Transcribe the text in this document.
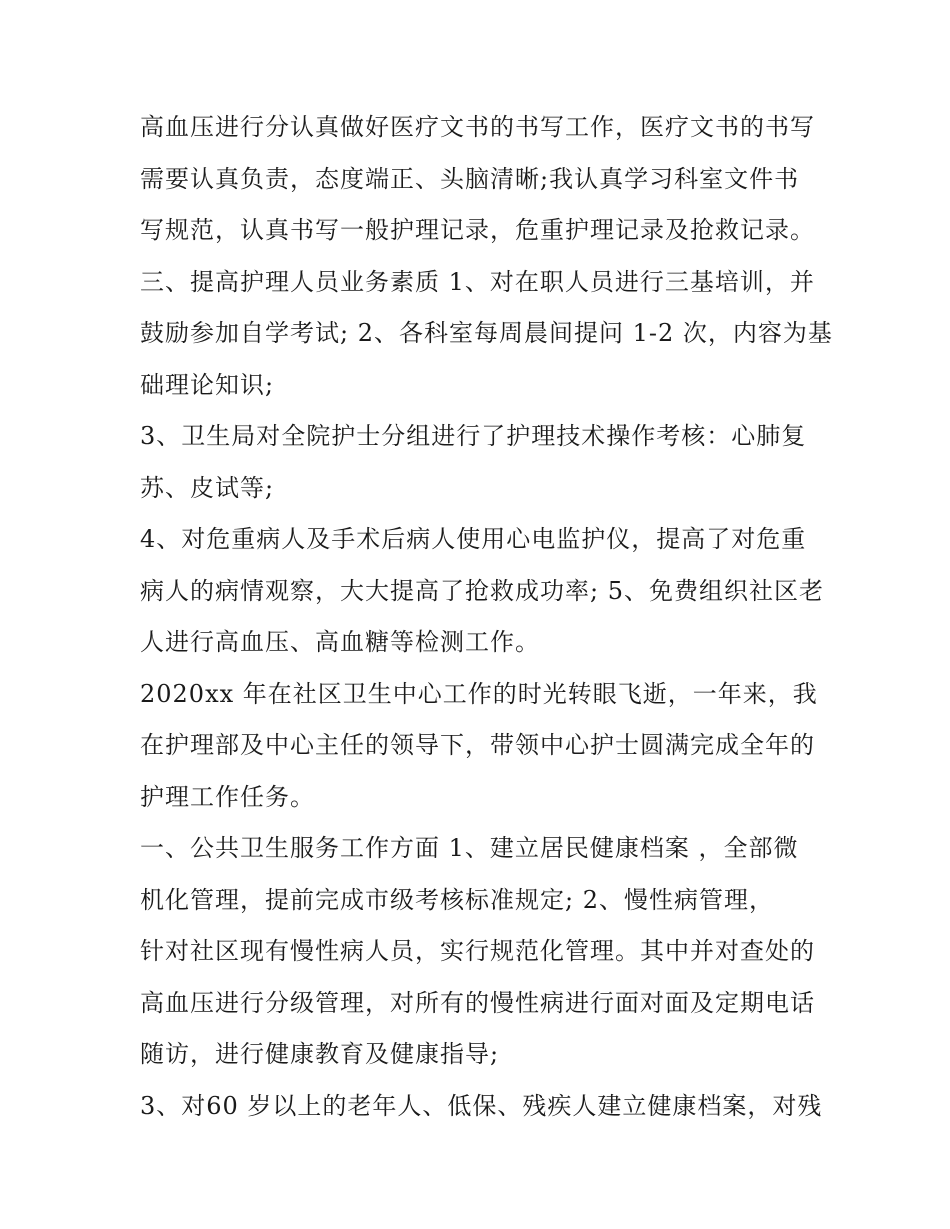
高血压进行分认真做好医疗文书的书写工作，医疗文书的书写
需要认真负责，态度端正、头脑清晰;我认真学习科室文件书
写规范，认真书写一般护理记录，危重护理记录及抢救记录。
三、提高护理人员业务素质 1、对在职人员进行三基培训，并
鼓励参加自学考试; 2、各科室每周晨间提问 1-2 次，内容为基
础理论知识;
3、卫生局对全院护士分组进行了护理技术操作考核：心肺复
苏、皮试等;
4、对危重病人及手术后病人使用心电监护仪，提高了对危重
病人的病情观察，大大提高了抢救成功率; 5、免费组织社区老
人进行高血压、高血糖等检测工作。
2020xx 年在社区卫生中心工作的时光转眼飞逝，一年来，我
在护理部及中心主任的领导下，带领中心护士圆满完成全年的
护理工作任务。
一、公共卫生服务工作方面 1、建立居民健康档案 ，全部微
机化管理，提前完成市级考核标准规定; 2、慢性病管理，
针对社区现有慢性病人员，实行规范化管理。其中并对查处的
高血压进行分级管理，对所有的慢性病进行面对面及定期电话
随访，进行健康教育及健康指导;
3、对60 岁以上的老年人、低保、残疾人建立健康档案，对残
